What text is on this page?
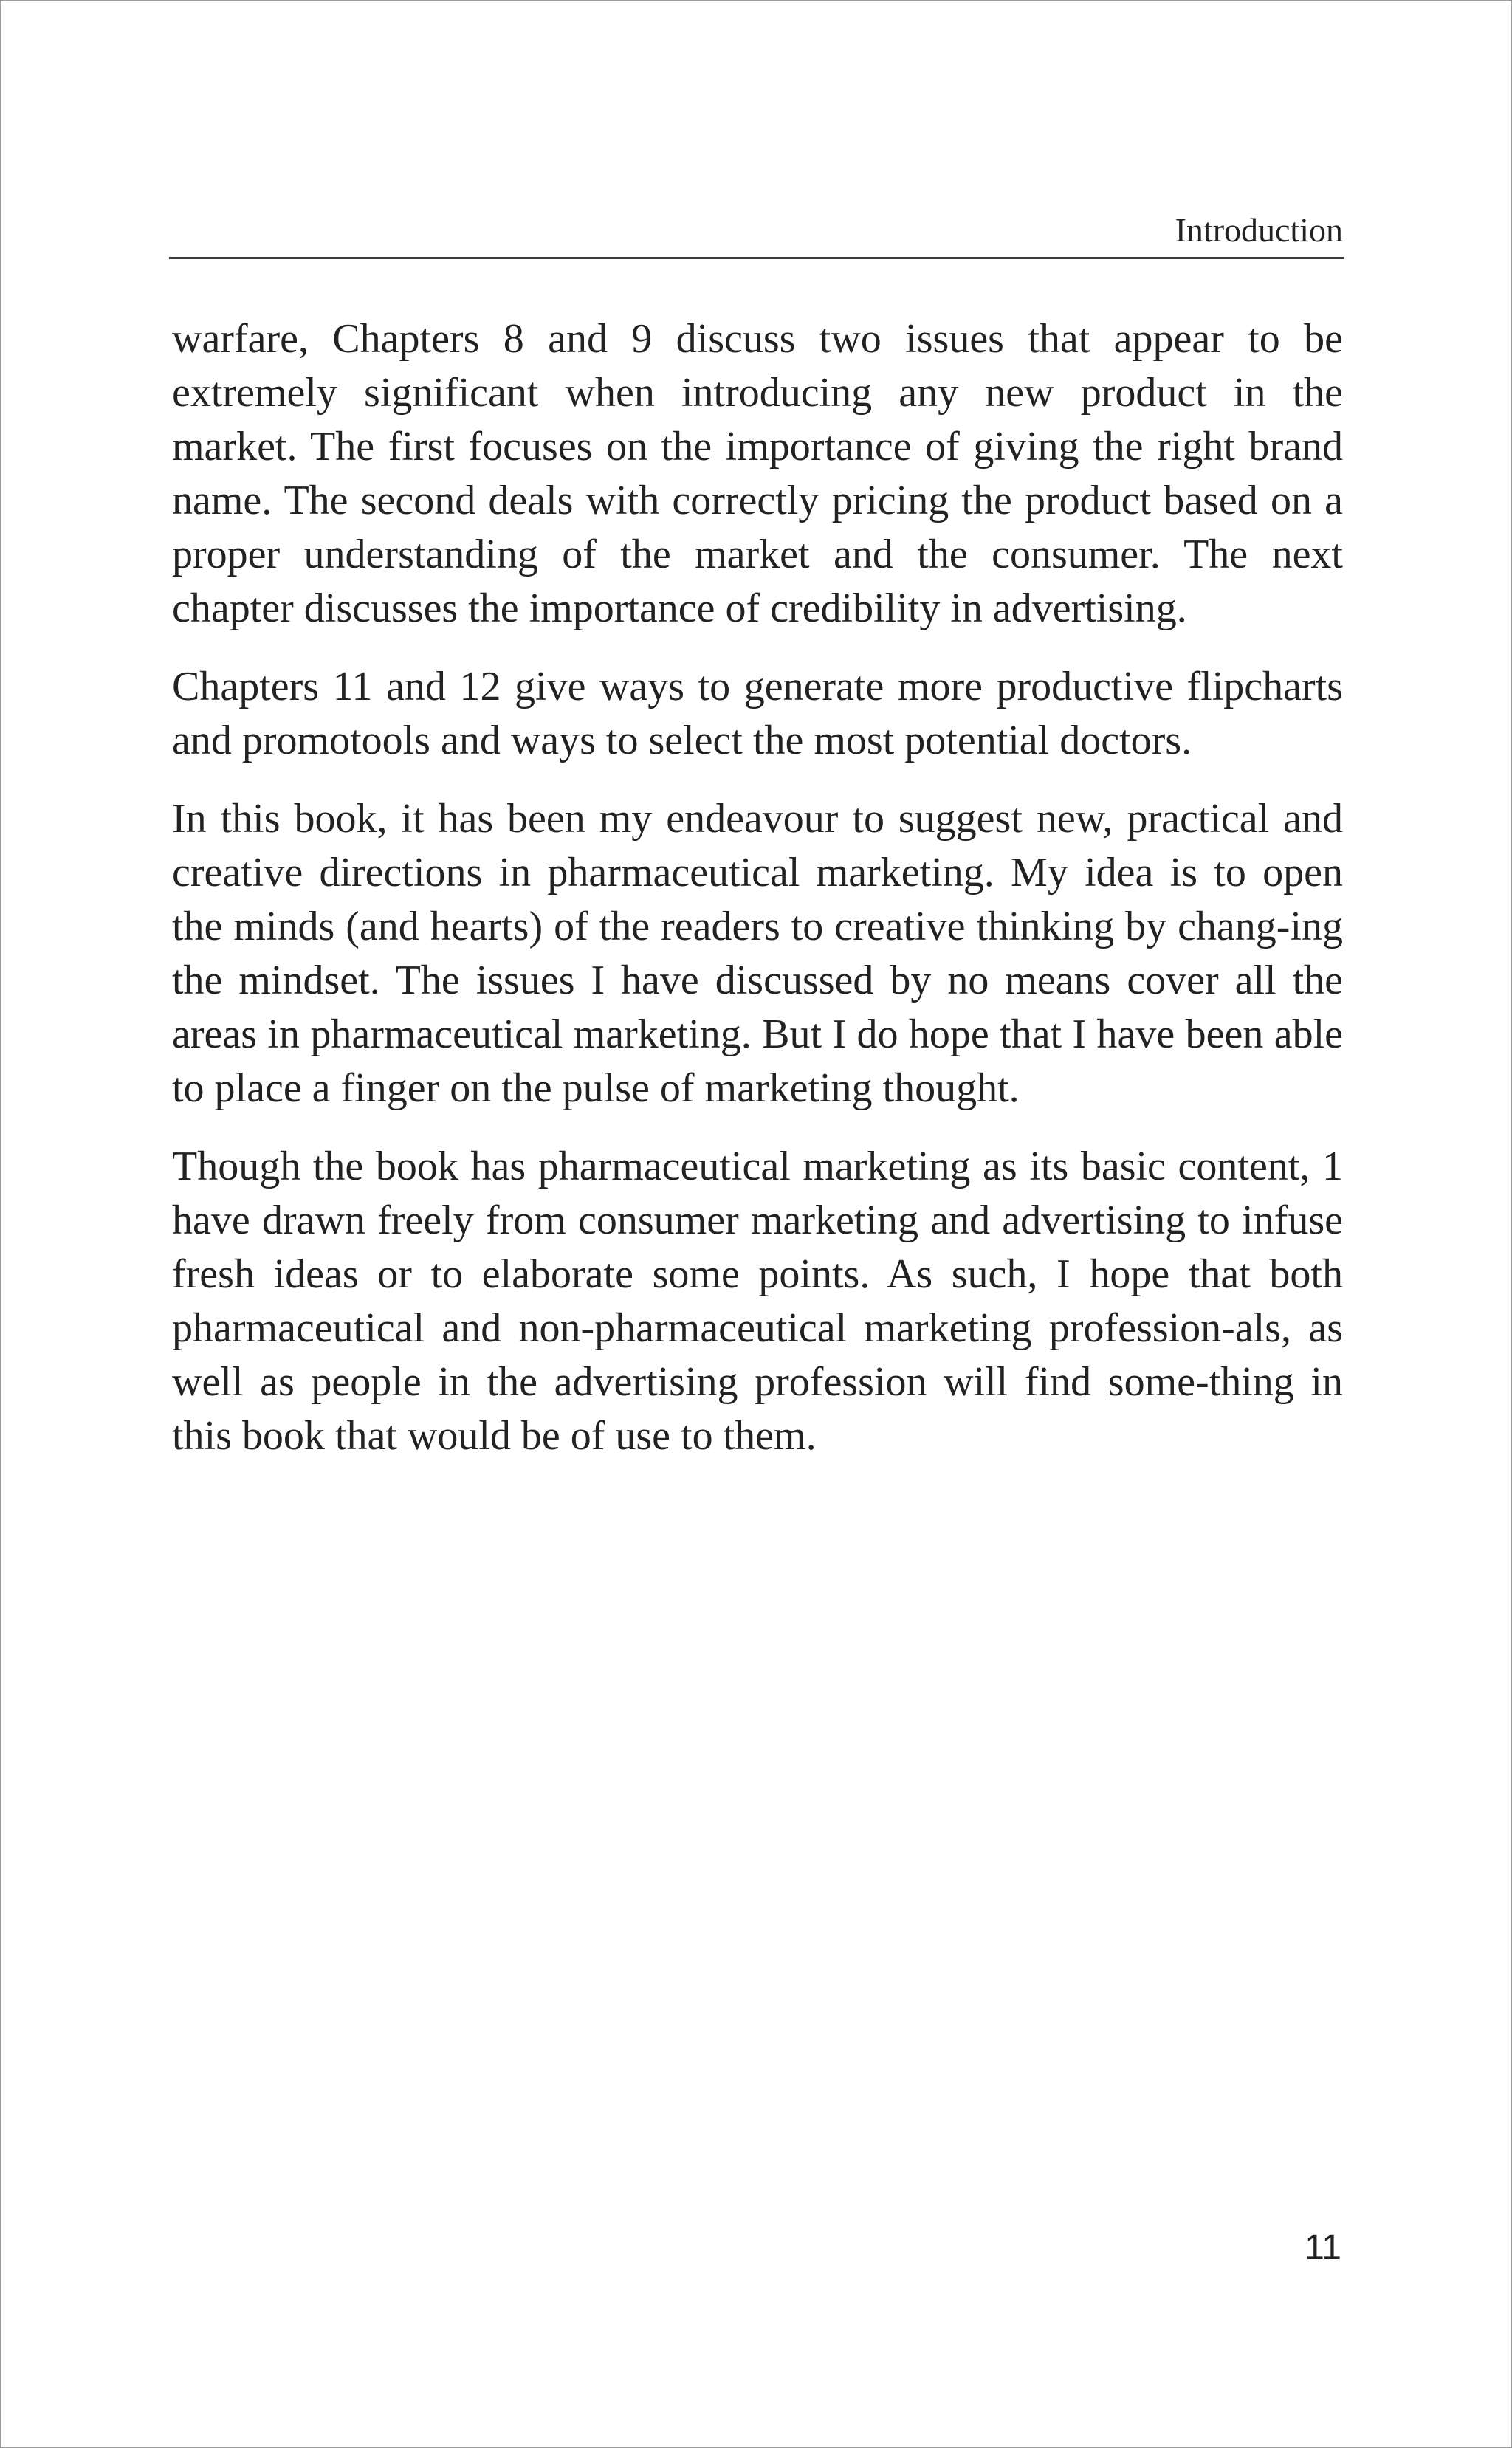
Introduction

warfare, Chapters 8 and 9 discuss two issues that appear to be extremely significant when introducing any new product in the market. The first focuses on the importance of giving the right brand name. The second deals with correctly pricing the product based on a proper understanding of the market and the consumer. The next chapter discusses the importance of credibility in advertising.

Chapters 11 and 12 give ways to generate more productive flipcharts and promotools and ways to select the most potential doctors.

In this book, it has been my endeavour to suggest new, practical and creative directions in pharmaceutical marketing. My idea is to open the minds (and hearts) of the readers to creative thinking by chang-ing the mindset. The issues I have discussed by no means cover all the areas in pharmaceutical marketing. But I do hope that I have been able to place a finger on the pulse of marketing thought.

Though the book has pharmaceutical marketing as its basic content, 1 have drawn freely from consumer marketing and advertising to infuse fresh ideas or to elaborate some points. As such, I hope that both pharmaceutical and non-pharmaceutical marketing profession-als, as well as people in the advertising profession will find some-thing in this book that would be of use to them.

11
